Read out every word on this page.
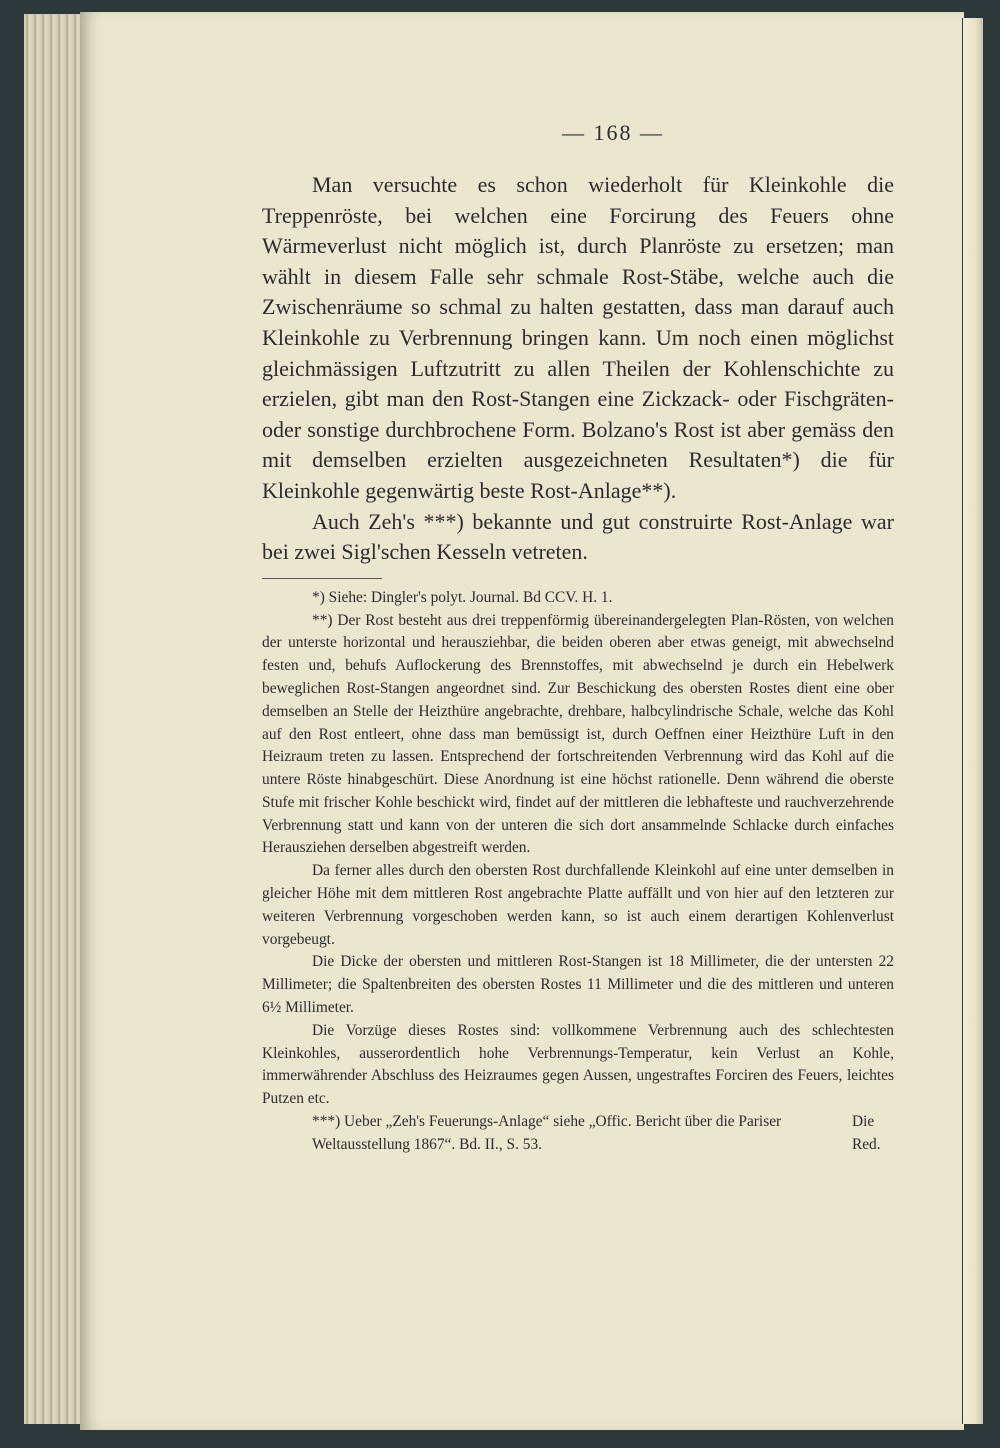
— 168 —

Man versuchte es schon wiederholt für Kleinkohle die Treppenröste, bei welchen eine Forcirung des Feuers ohne Wärmeverlust nicht möglich ist, durch Planröste zu ersetzen; man wählt in diesem Falle sehr schmale Rost-Stäbe, welche auch die Zwischenräume so schmal zu halten gestatten, dass man darauf auch Kleinkohle zu Verbrennung bringen kann. Um noch einen möglichst gleichmässigen Luftzutritt zu allen Theilen der Kohlenschichte zu erzielen, gibt man den Rost-Stangen eine Zickzack- oder Fischgräten- oder sonstige durchbrochene Form. Bolzano's Rost ist aber gemäss den mit demselben erzielten ausgezeichneten Resultaten*) die für Kleinkohle gegenwärtig beste Rost-Anlage**).

Auch Zeh's ***) bekannte und gut construirte Rost-Anlage war bei zwei Sigl'schen Kesseln vetreten.

*) Siehe: Dingler's polyt. Journal. Bd CCV. H. 1.

**) Der Rost besteht aus drei treppenförmig übereinandergelegten Plan-Rösten, von welchen der unterste horizontal und herausziehbar, die beiden oberen aber etwas geneigt, mit abwechselnd festen und, behufs Auflockerung des Brennstoffes, mit abwechselnd je durch ein Hebelwerk beweglichen Rost-Stangen angeordnet sind. Zur Beschickung des obersten Rostes dient eine ober demselben an Stelle der Heizthüre angebrachte, drehbare, halbcylindrische Schale, welche das Kohl auf den Rost entleert, ohne dass man bemüssigt ist, durch Oeffnen einer Heizthüre Luft in den Heizraum treten zu lassen. Entsprechend der fortschreitenden Verbrennung wird das Kohl auf die untere Röste hinabgeschürt. Diese Anordnung ist eine höchst rationelle. Denn während die oberste Stufe mit frischer Kohle beschickt wird, findet auf der mittleren die lebhafteste und rauchverzehrende Verbrennung statt und kann von der unteren die sich dort ansammelnde Schlacke durch einfaches Herausziehen derselben abgestreift werden.

Da ferner alles durch den obersten Rost durchfallende Kleinkohl auf eine unter demselben in gleicher Höhe mit dem mittleren Rost angebrachte Platte auffällt und von hier auf den letzteren zur weiteren Verbrennung vorgeschoben werden kann, so ist auch einem derartigen Kohlenverlust vorgebeugt.

Die Dicke der obersten und mittleren Rost-Stangen ist 18 Millimeter, die der untersten 22 Millimeter; die Spaltenbreiten des obersten Rostes 11 Millimeter und die des mittleren und unteren 6½ Millimeter.

Die Vorzüge dieses Rostes sind: vollkommene Verbrennung auch des schlechtesten Kleinkohles, ausserordentlich hohe Verbrennungs-Temperatur, kein Verlust an Kohle, immerwährender Abschluss des Heizraumes gegen Aussen, ungestraftes Forciren des Feuers, leichtes Putzen etc.

***) Ueber „Zeh's Feuerungs-Anlage“ siehe „Offic. Bericht über die Pariser Weltausstellung 1867“. Bd. II., S. 53.
Die Red.
